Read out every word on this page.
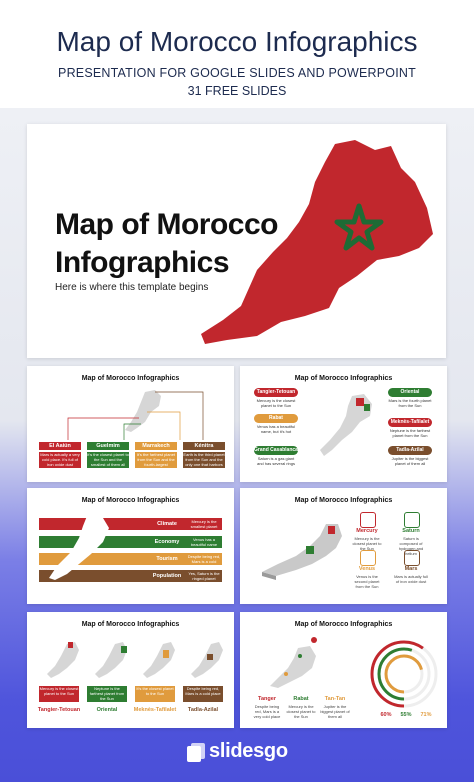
Map of Morocco Infographics
PRESENTATION FOR GOOGLE SLIDES AND POWERPOINT
31 FREE SLIDES
Map of Morocco
Infographics
Here is where this template begins
Map of Morocco Infographics
El Aaiún	Guelmim	Marrakech	Kénitra
Mars is actually a very cold place. It's full of iron oxide dust
It's the closest planet to the Sun and the smallest of them all
It's the farthest planet from the Sun and the fourth-largest
Earth is the third planet from the Sun and the only one that harbors life
Map of Morocco Infographics
Tangier-Tetouan
Mercury is the closest planet to the Sun
Rabat
Venus has a beautiful name, but it's hot
Grand Casablanca
Saturn is a gas giant and has several rings
Oriental
Mars is the fourth planet from the Sun
Meknès-Tafilalet
Neptune is the farthest planet from the Sun
Tadla-Azilal
Jupiter is the biggest planet of them all
Map of Morocco Infographics
Climate
Economy
Tourism
Population
Mercury is the smallest planet
Venus has a beautiful name
Despite being red, Mars is a cold place
Yes, Saturn is the ringed planet
Map of Morocco Infographics
Mercury	Saturn
Venus	Mars
Mercury is the closest planet to the Sun
Saturn is composed of hydrogen and helium
Venus is the second planet from the Sun
Mars is actually full of iron oxide dust
Map of Morocco Infographics
Mercury is the closest planet to the Sun
Neptune is the farthest planet from the Sun
It's the closest planet to the Sun
Despite being red, Mars is a cold place
Tangier-Tetouan	Oriental	Meknès-Tafilalet	Tadla-Azilal
Map of Morocco Infographics
Tanger	Rabat	Tan-Tan
Despite being red, Mars is a very cold place
Mercury is the closest planet to the Sun
Jupiter is the biggest planet of them all	60%	55%	71%
slidesgo
